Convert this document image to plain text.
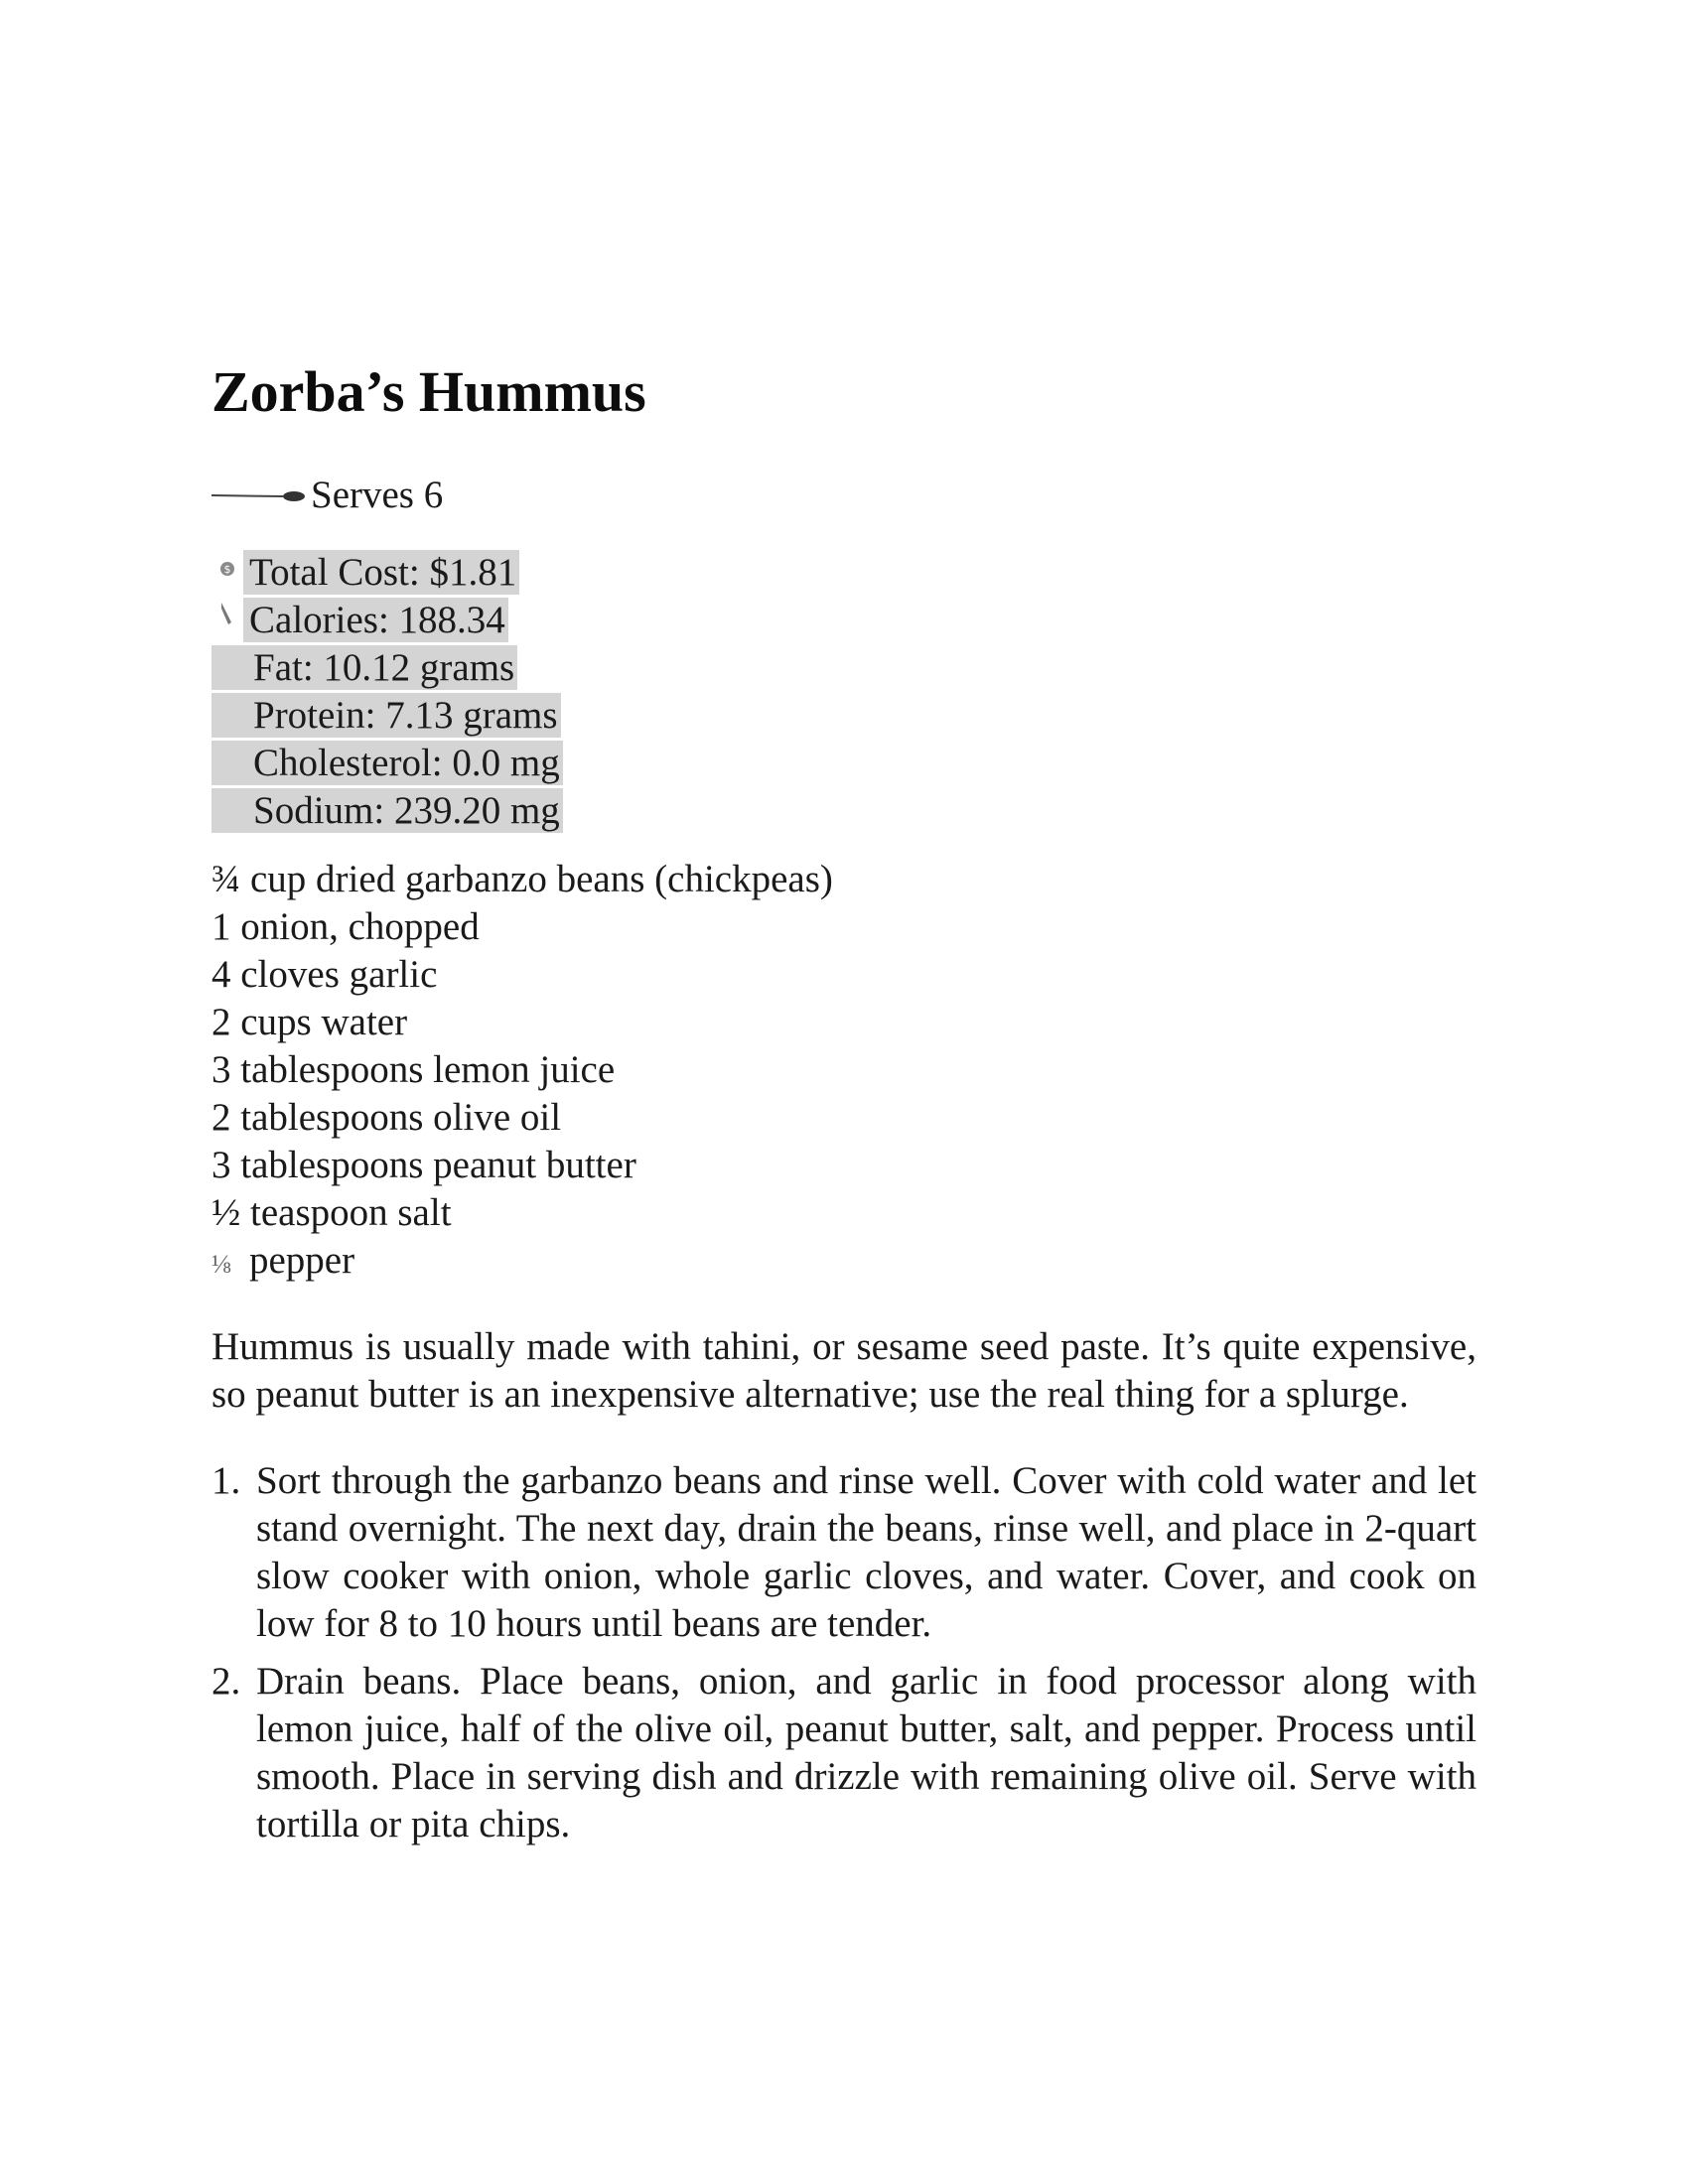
Zorba’s Hummus
Serves 6
$ Total Cost: $1.81
Calories: 188.34
Fat: 10.12 grams
Protein: 7.13 grams
Cholesterol: 0.0 mg
Sodium: 239.20 mg
¾ cup dried garbanzo beans (chickpeas)
1 onion, chopped
4 cloves garlic
2 cups water
3 tablespoons lemon juice
2 tablespoons olive oil
3 tablespoons peanut butter
½ teaspoon salt
⅛ pepper

Hummus is usually made with tahini, or sesame seed paste. It’s quite expensive, so peanut butter is an inexpensive alternative; use the real thing for a splurge.

1. Sort through the garbanzo beans and rinse well. Cover with cold water and let stand overnight. The next day, drain the beans, rinse well, and place in 2-quart slow cooker with onion, whole garlic cloves, and water. Cover, and cook on low for 8 to 10 hours until beans are tender.
2. Drain beans. Place beans, onion, and garlic in food processor along with lemon juice, half of the olive oil, peanut butter, salt, and pepper. Process until smooth. Place in serving dish and drizzle with remaining olive oil. Serve with tortilla or pita chips.
